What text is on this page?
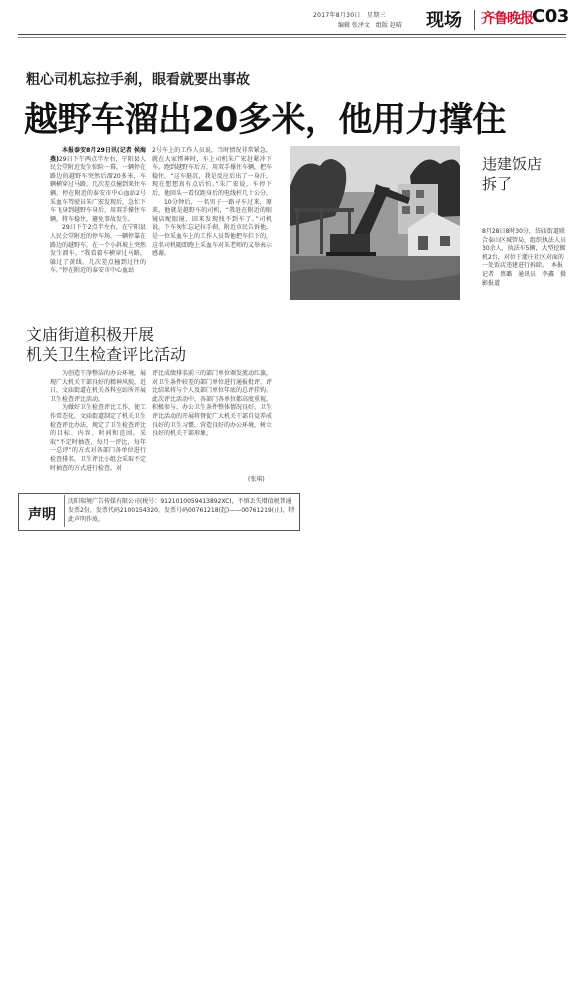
2017年8月30日　星期三
编辑 张泽文　组版 赵晴 现场 齐鲁晚报 C03
粗心司机忘拉手刹，眼看就要出事故
越野车溜出20多米，他用力撑住

本报泰安8月29日讯(记者 侯海燕)29日下午两点半左右，宁阳县人民会堂附近发生惊险一幕，一辆停在路边的越野车突然后溜20多米，车辆横穿过马路，几次差点撞到来往车辆，停在附近的泰安市中心血站2号采血车驾驶员朱广宏发现后，急忙下车飞身到越野车身后，用双手撑住车辆，将车稳住，避免事故发生。

29日下午2点半左右，在宁阳县人民会堂附近的停车场，一辆停靠在路边的越野车，在一个小斜坡上突然发生溜车。“我看着车横穿过马路，躲过了黄线，几次差点撞到过往的车。”停在附近的泰安市中心血站

2号车上的工作人员说，当时情况非常紧急，就在大家愣神时，车上司机朱广宏赶紧冲下车，跑到越野车后方，用双手撑住车辆，把车稳住。“这车挺沉，我是反应后出了一身汗，现在想想真有点后怕。”朱广宏说，车停下后，他回头一看仅距身后的电线杆几十公分。

10分钟后，一名男子一路寻车过来，原来，他就是越野车的司机，“我赶在附近的眼镜店配眼镜，回来发现找不到车了。”司机说，下车匆忙忘记拉手刹，附近市民告诉他，是一位采血车上的工作人员帮他把车拦下的，这名司机随即跑上采血车对朱老师的义举表示感谢。

违建饭店
拆了
8月28日8时30分，岱庙街道联合泰山区城管局，组织执法人员30余人，执法车5辆，大型挖掘机2台，对位于灌庄社区对面的一处饭店违建进行拆除。　本报记者　蔡璐　通讯员　李鑫　摄影报道
文庙街道积极开展
机关卫生检查评比活动

为创造干净整洁的办公环境，展现广大机关干部良好的精神风貌，近日，文庙街道在机关各科室站所开展卫生检查评比活动。

为做好卫生检查评比工作，使工作常态化，文庙街道制定了机关卫生检查评比办法，规定了卫生检查评比的目标、内容、时间和范围。采取“不定时抽查，每月一评比，每年一总评”的方式对各部门各单位进行检查排名，卫生评比小组会采取不定时抽查的方式进行检查，对

评比成绩排名前三的部门单位颁发流动红旗，对卫生条件较差的部门单位进行通报批评，评比结果将与个人及部门单位年底的总评挂钩。此次评比活动中，各部门各单位都高度重视，积极参与，办公卫生条件整体情况良好。卫生评比活动的开展将督促广大机关干部自觉养成良好的卫生习惯，营造良好的办公环境，树立良好的机关干部形象。

(张琪)
声明
沈阳瑞境广告传媒有限公司(税号：91210100594138​92XC)，不慎丢失增值税普通发票2份，发票代码2100154320，发票号码00761218(起)——00761219(止)，特此声明作废。
